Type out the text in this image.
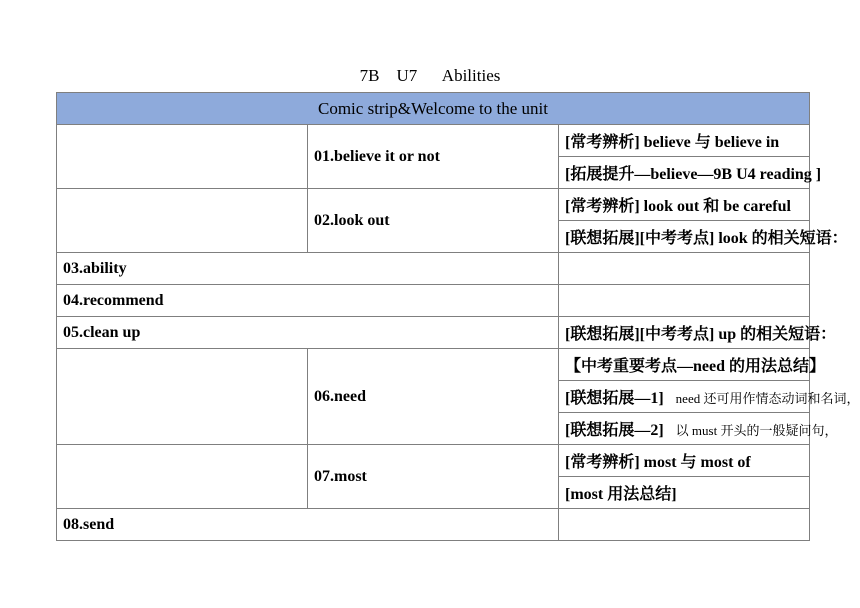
7B    U7      Abilities
Comic strip&Welcome to the unit		
	01.believe it or not	[常考辨析] believe 与 believe in
		[拓展提升—believe—9B U4 reading ]
	02.look out	[常考辨析] look out 和 be careful
		[联想拓展][中考考点] look 的相关短语：
03.ability		
04.recommend		
05.clean up		[联想拓展][中考考点] up 的相关短语：
	06.need	【中考重要考点—need 的用法总结】
		[联想拓展—1] need 还可用作情态动词和名词，
		[联想拓展—2] 以 must 开头的一般疑问句，
	07.most	[常考辨析] most 与 most of
		[most 用法总结]
08.send		
